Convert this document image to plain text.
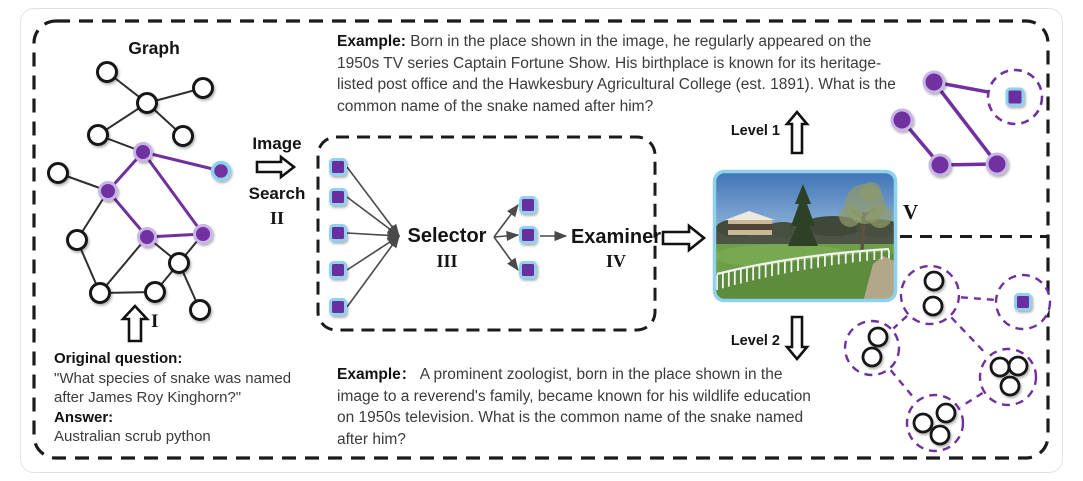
Graph	Example: Born in the place shown in the image, he regularly appeared on the 1950s TV series Captain Fortune Show. His birthplace is known for its heritage-listed post office and the Hawkesbury Agricultural College (est. 1891). What is the common name of the snake named after him?
Image
Search
II
Selector
III
Examiner
IV
I
V
Level 1
Level 2
Original question:
"What species of snake was named
after James Roy Kinghorn?"
Answer:
Australian scrub python
Example： A prominent zoologist, born in the place shown in the image to a reverend's family, became known for his wildlife education on 1950s television. What is the common name of the snake named after him?
